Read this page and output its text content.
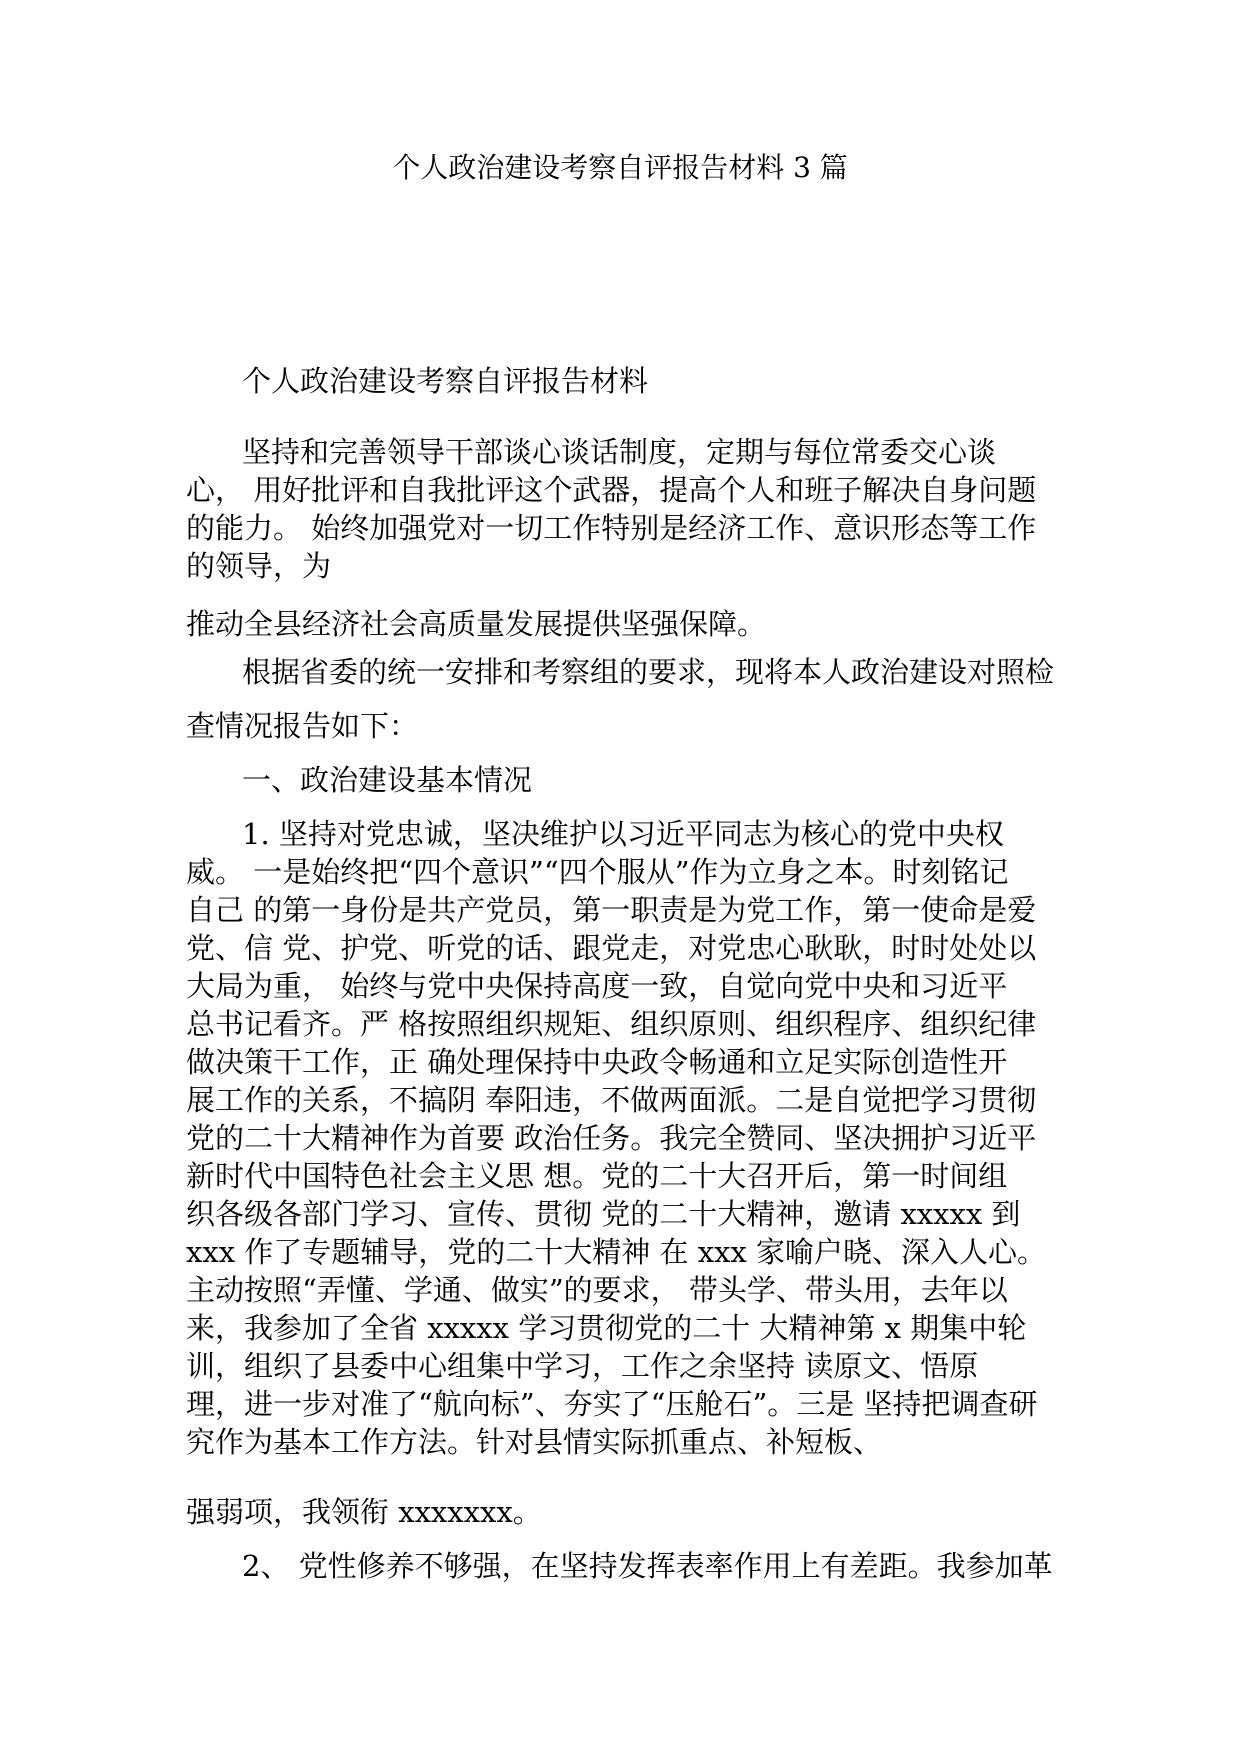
个人政治建设考察自评报告材料 3 篇
个人政治建设考察自评报告材料
坚持和完善领导干部谈心谈话制度，定期与每位常委交心谈
心， 用好批评和自我批评这个武器，提高个人和班子解决自身问题
的能力。 始终加强党对一切工作特别是经济工作、意识形态等工作
的领导，为
推动全县经济社会高质量发展提供坚强保障。
根据省委的统一安排和考察组的要求，现将本人政治建设对照检
查情况报告如下：
一、政治建设基本情况
1. 坚持对党忠诚，坚决维护以习近平同志为核心的党中央权
威。 一是始终把“四个意识”“四个服从”作为立身之本。时刻铭记
自己 的第一身份是共产党员，第一职责是为党工作，第一使命是爱
党、信 党、护党、听党的话、跟党走，对党忠心耿耿，时时处处以
大局为重， 始终与党中央保持高度一致，自觉向党中央和习近平
总书记看齐。严 格按照组织规矩、组织原则、组织程序、组织纪律
做决策干工作，正 确处理保持中央政令畅通和立足实际创造性开
展工作的关系，不搞阴 奉阳违，不做两面派。二是自觉把学习贯彻
党的二十大精神作为首要 政治任务。我完全赞同、坚决拥护习近平
新时代中国特色社会主义思 想。党的二十大召开后，第一时间组
织各级各部门学习、宣传、贯彻 党的二十大精神，邀请 xxxxx 到
xxx 作了专题辅导，党的二十大精神 在 xxx 家喻户晓、深入人心。
主动按照“弄懂、学通、做实”的要求， 带头学、带头用，去年以
来，我参加了全省 xxxxx 学习贯彻党的二十 大精神第 x 期集中轮
训，组织了县委中心组集中学习，工作之余坚持 读原文、悟原
理，进一步对准了“航向标”、夯实了“压舱石”。三是 坚持把调查研
究作为基本工作方法。针对县情实际抓重点、补短板、
强弱项，我领衔 xxxxxxx。
2、 党性修养不够强，在坚持发挥表率作用上有差距。我参加革
